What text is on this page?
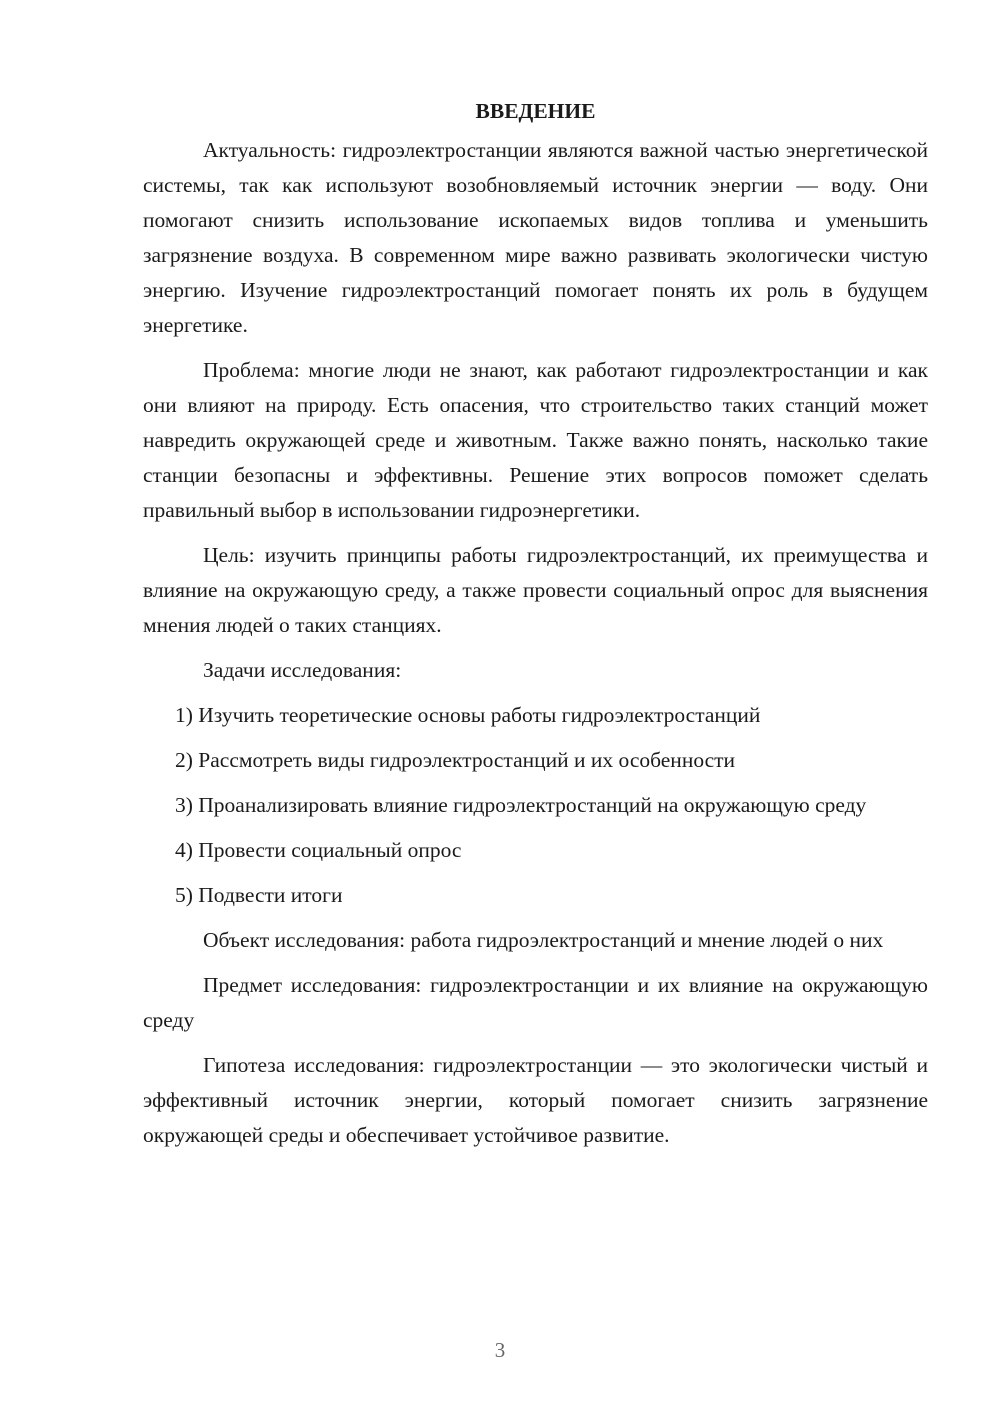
ВВЕДЕНИЕ

Актуальность: гидроэлектростанции являются важной частью энергетической системы, так как используют возобновляемый источник энергии — воду. Они помогают снизить использование ископаемых видов топлива и уменьшить загрязнение воздуха. В современном мире важно развивать экологически чистую энергию. Изучение гидроэлектростанций помогает понять их роль в будущем энергетике.

Проблема: многие люди не знают, как работают гидроэлектростанции и как они влияют на природу. Есть опасения, что строительство таких станций может навредить окружающей среде и животным. Также важно понять, насколько такие станции безопасны и эффективны. Решение этих вопросов поможет сделать правильный выбор в использовании гидроэнергетики.

Цель: изучить принципы работы гидроэлектростанций, их преимущества и влияние на окружающую среду, а также провести социальный опрос для выяснения мнения людей о таких станциях.

Задачи исследования:

1) Изучить теоретические основы работы гидроэлектростанций

2) Рассмотреть виды гидроэлектростанций и их особенности

3) Проанализировать влияние гидроэлектростанций на окружающую среду

4) Провести социальный опрос

5) Подвести итоги

Объект исследования: работа гидроэлектростанций и мнение людей о них

Предмет исследования: гидроэлектростанции и их влияние на окружающую среду

Гипотеза исследования: гидроэлектростанции — это экологически чистый и эффективный источник энергии, который помогает снизить загрязнение окружающей среды и обеспечивает устойчивое развитие.

3
